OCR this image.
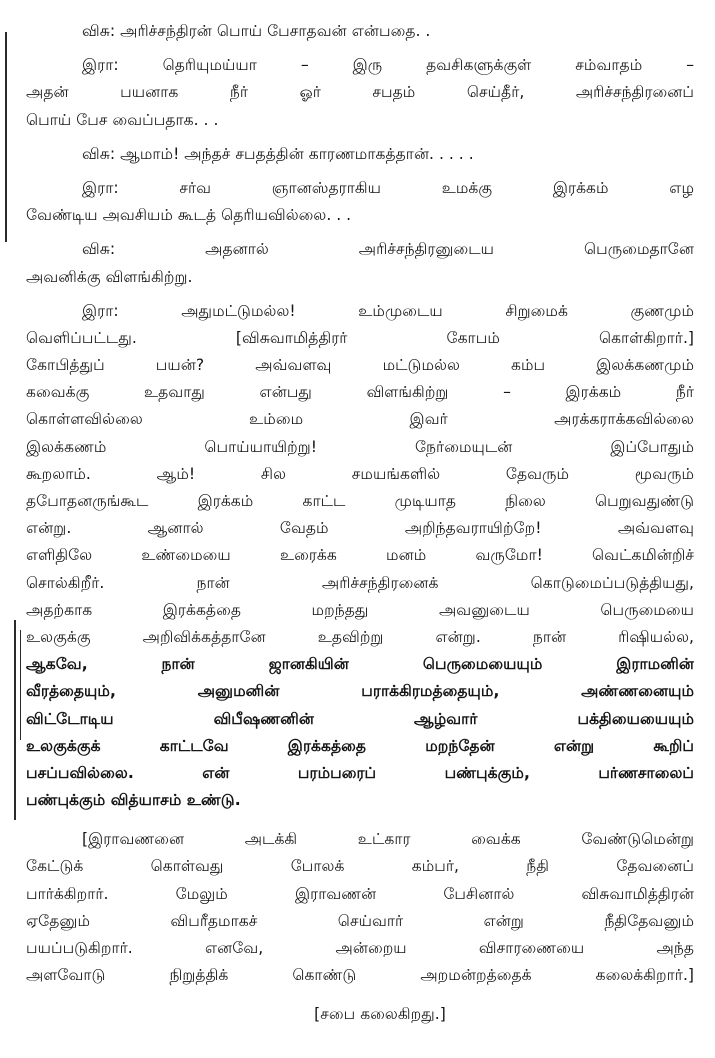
விசு: அரிச்சந்திரன் பொய் பேசாதவன் என்பதை. .
இரா: தெரியுமய்யா – இரு தவசிகளுக்குள் சம்வாதம் –
அதன் பயனாக நீர் ஓர் சபதம் செய்தீர், அரிச்சந்திரனைப்
பொய் பேச வைப்பதாக. . .
விசு: ஆமாம்! அந்தச் சபதத்தின் காரணமாகத்தான். . . . .
இரா: சர்வ ஞானஸ்தராகிய உமக்கு இரக்கம் எழ
வேண்டிய அவசியம் கூடத் தெரியவில்லை. . .
விசு: அதனால் அரிச்சந்திரனுடைய பெருமைதானே
அவனிக்கு விளங்கிற்று.
இரா: அதுமட்டுமல்ல! உம்முடைய சிறுமைக் குணமும்
வெளிப்பட்டது. [விசுவாமித்திரர் கோபம் கொள்கிறார்.]
கோபித்துப் பயன்? அவ்வளவு மட்டுமல்ல கம்ப இலக்கணமும்
கவைக்கு உதவாது என்பது விளங்கிற்று – இரக்கம் நீர்
கொள்ளவில்லை உம்மை இவர் அரக்கராக்கவில்லை
இலக்கணம் பொய்யாயிற்று! நேர்மையுடன் இப்போதும்
கூறலாம். ஆம்! சில சமயங்களில் தேவரும் மூவரும்
தபோதனருங்கூட இரக்கம் காட்ட முடியாத நிலை பெறுவதுண்டு
என்று. ஆனால் வேதம் அறிந்தவராயிற்றே! அவ்வளவு
எளிதிலே உண்மையை உரைக்க மனம் வருமோ! வெட்கமின்றிச்
சொல்கிறீர். நான் அரிச்சந்திரனைக் கொடுமைப்படுத்தியது,
அதற்காக இரக்கத்தை மறந்தது அவனுடைய பெருமையை
உலகுக்கு அறிவிக்கத்தானே உதவிற்று என்று. நான் ரிஷியல்ல,
ஆகவே, நான் ஜானகியின் பெருமையையும் இராமனின்
வீரத்தையும், அனுமனின் பராக்கிரமத்தையும், அண்ணனையும்
விட்டோடிய விபீஷணனின் ஆழ்வார் பக்தியையையும்
உலகுக்குக் காட்டவே இரக்கத்தை மறந்தேன் என்று கூறிப்
பசப்பவில்லை. என் பரம்பரைப் பண்புக்கும், பர்ணசாலைப்
பண்புக்கும் வித்யாசம் உண்டு.
[இராவணனை அடக்கி உட்கார வைக்க வேண்டுமென்று
கேட்டுக் கொள்வது போலக் கம்பர், நீதி தேவனைப்
பார்க்கிறார். மேலும் இராவணன் பேசினால் விசுவாமித்திரன்
ஏதேனும் விபரீதமாகச் செய்வார் என்று நீதிதேவனும்
பயப்படுகிறார். எனவே, அன்றைய விசாரணையை அந்த
அளவோடு நிறுத்திக் கொண்டு அறமன்றத்தைக் கலைக்கிறார்.]
[சபை கலைகிறது.]
